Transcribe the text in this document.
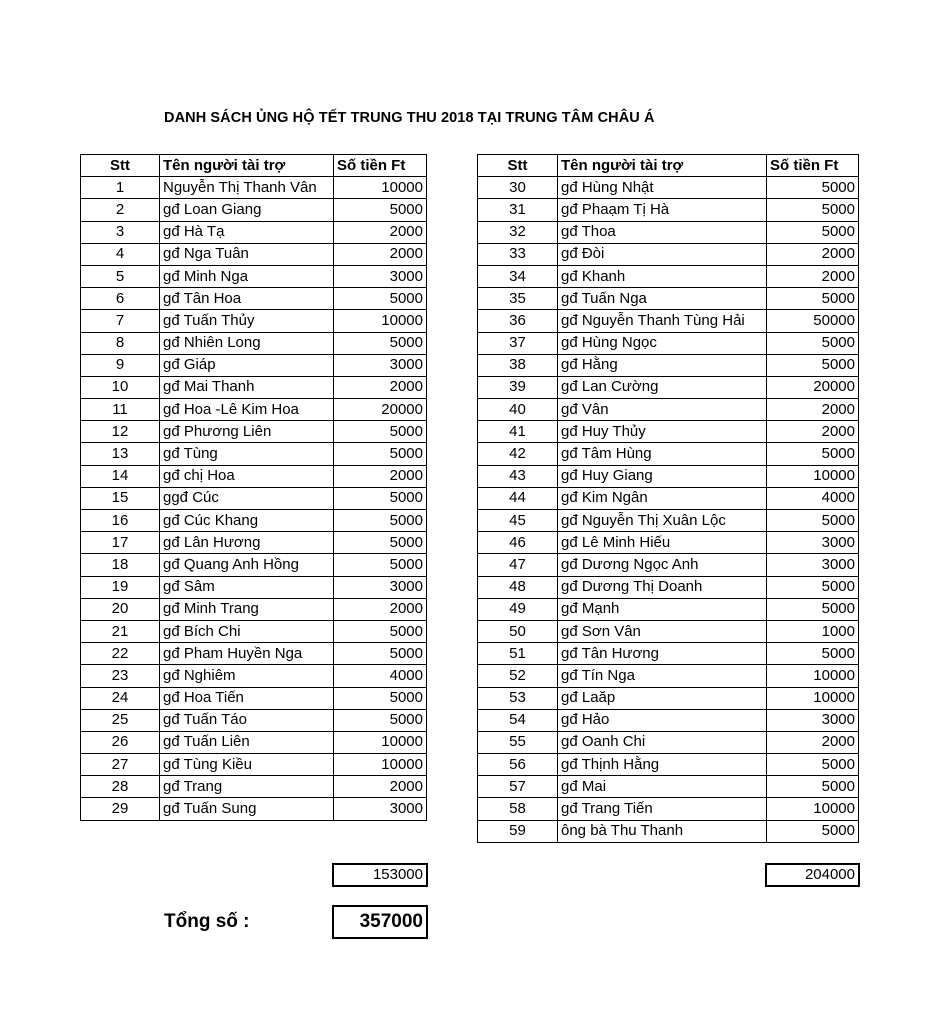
DANH SÁCH ỦNG HỘ TẾT TRUNG THU 2018 TẠI TRUNG TÂM CHÂU Á
Stt	Tên người tài trợ	Số tiền Ft
1	Nguyễn Thị Thanh Vân	10000
2	gđ Loan Giang	5000
3	gđ Hà Tạ	2000
4	gđ Nga Tuân	2000
5	gđ Minh Nga	3000
6	gđ Tân Hoa	5000
7	gđ Tuấn Thủy	10000
8	gđ Nhiên Long	5000
9	gđ Giáp	3000
10	gđ Mai Thanh	2000
11	gđ Hoa -Lê Kim Hoa	20000
12	gđ Phương Liên	5000
13	gđ Tùng	5000
14	gđ chị Hoa	2000
15	ggđ Cúc	5000
16	gđ Cúc Khang	5000
17	gđ Lân Hương	5000
18	gđ Quang Anh Hồng	5000
19	gđ Sâm	3000
20	gđ Minh Trang	2000
21	gđ Bích Chi	5000
22	gđ Pham Huyền Nga	5000
23	gđ Nghiêm	4000
24	gđ Hoa Tiến	5000
25	gđ Tuấn Táo	5000
26	gđ Tuấn Liên	10000
27	gđ Tùng Kiều	10000
28	gđ Trang	2000
29	gđ Tuấn Sung	3000
Stt	Tên người tài trợ	Số tiền Ft
30	gđ Hùng Nhật	5000
31	gđ Phaạm Tị Hà	5000
32	gđ Thoa	5000
33	gđ Đòi	2000
34	gđ Khanh	2000
35	gđ Tuấn Nga	5000
36	gđ Nguyễn Thanh Tùng Hải	50000
37	gđ Hùng Ngọc	5000
38	gđ Hằng	5000
39	gđ Lan Cường	20000
40	gđ Vân	2000
41	gđ Huy Thủy	2000
42	gđ Tâm Hùng	5000
43	gđ Huy Giang	10000
44	gđ Kim Ngân	4000
45	gđ Nguyễn Thị Xuân Lộc	5000
46	gđ Lê Minh Hiếu	3000
47	gđ Dương Ngọc Anh	3000
48	gđ Dương Thị Doanh	5000
49	gđ Mạnh	5000
50	gđ Sơn Vân	1000
51	gđ Tân Hương	5000
52	gđ Tín Nga	10000
53	gđ Laăp	10000
54	gđ Hảo	3000
55	gđ Oanh Chi	2000
56	gđ Thịnh Hằng	5000
57	gđ Mai	5000
58	gđ Trang Tiến	10000
59	ông bà Thu Thanh	5000
153000	204000
Tổng số :	357000
